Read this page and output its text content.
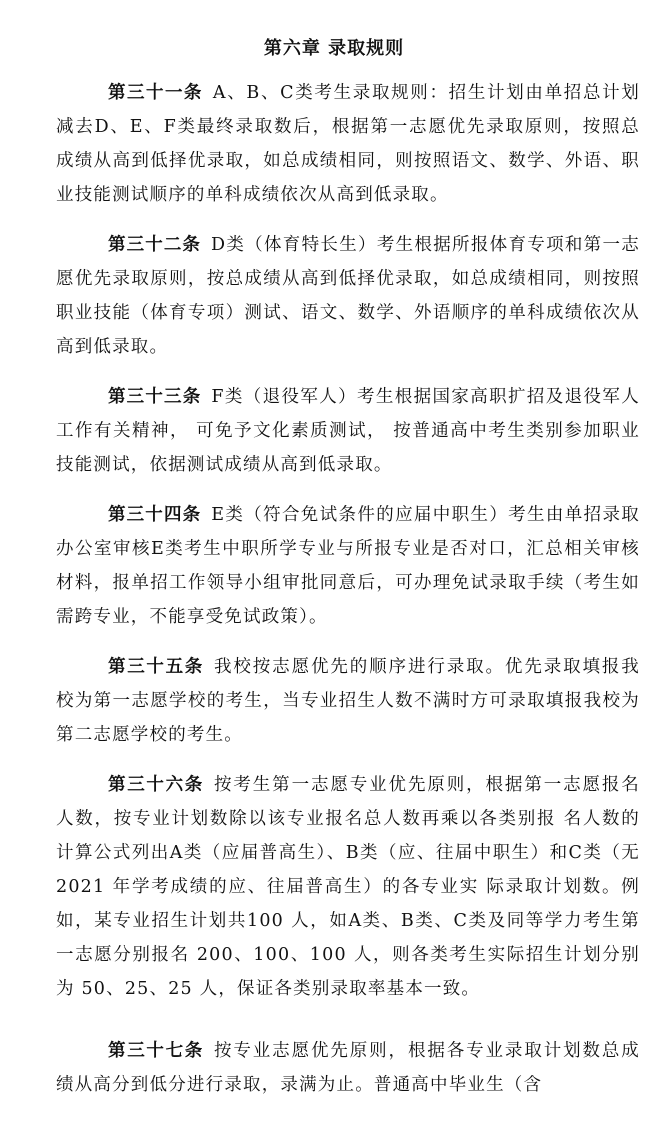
第六章 录取规则

第三十一条 A、B、C类考生录取规则：招生计划由单招总计划减去D、E、F类最终录取数后，根据第一志愿优先录取原则，按照总成绩从高到低择优录取，如总成绩相同，则按照语文、数学、外语、职业技能测试顺序的单科成绩依次从高到低录取。

第三十二条 D类（体育特长生）考生根据所报体育专项和第一志愿优先录取原则，按总成绩从高到低择优录取，如总成绩相同，则按照职业技能（体育专项）测试、语文、数学、外语顺序的单科成绩依次从高到低录取。

第三十三条 F类（退役军人）考生根据国家高职扩招及退役军人工作有关精神， 可免予文化素质测试， 按普通高中考生类别参加职业技能测试，依据测试成绩从高到低录取。

第三十四条 E类（符合免试条件的应届中职生）考生由单招录取办公室审核E类考生中职所学专业与所报专业是否对口，汇总相关审核材料，报单招工作领导小组审批同意后，可办理免试录取手续（考生如需跨专业，不能享受免试政策）。

第三十五条 我校按志愿优先的顺序进行录取。优先录取填报我校为第一志愿学校的考生，当专业招生人数不满时方可录取填报我校为第二志愿学校的考生。

第三十六条 按考生第一志愿专业优先原则，根据第一志愿报名人数，按专业计划数除以该专业报名总人数再乘以各类别报 名人数的计算公式列出A类（应届普高生）、B类（应、往届中职生）和C类（无 2021 年学考成绩的应、往届普高生）的各专业实 际录取计划数。例如，某专业招生计划共100 人，如A类、B类、C类及同等学力考生第一志愿分别报名 200、100、100 人，则各类考生实际招生计划分别为 50、25、25 人，保证各类别录取率基本一致。

第三十七条 按专业志愿优先原则，根据各专业录取计划数总成绩从高分到低分进行录取，录满为止。普通高中毕业生（含
